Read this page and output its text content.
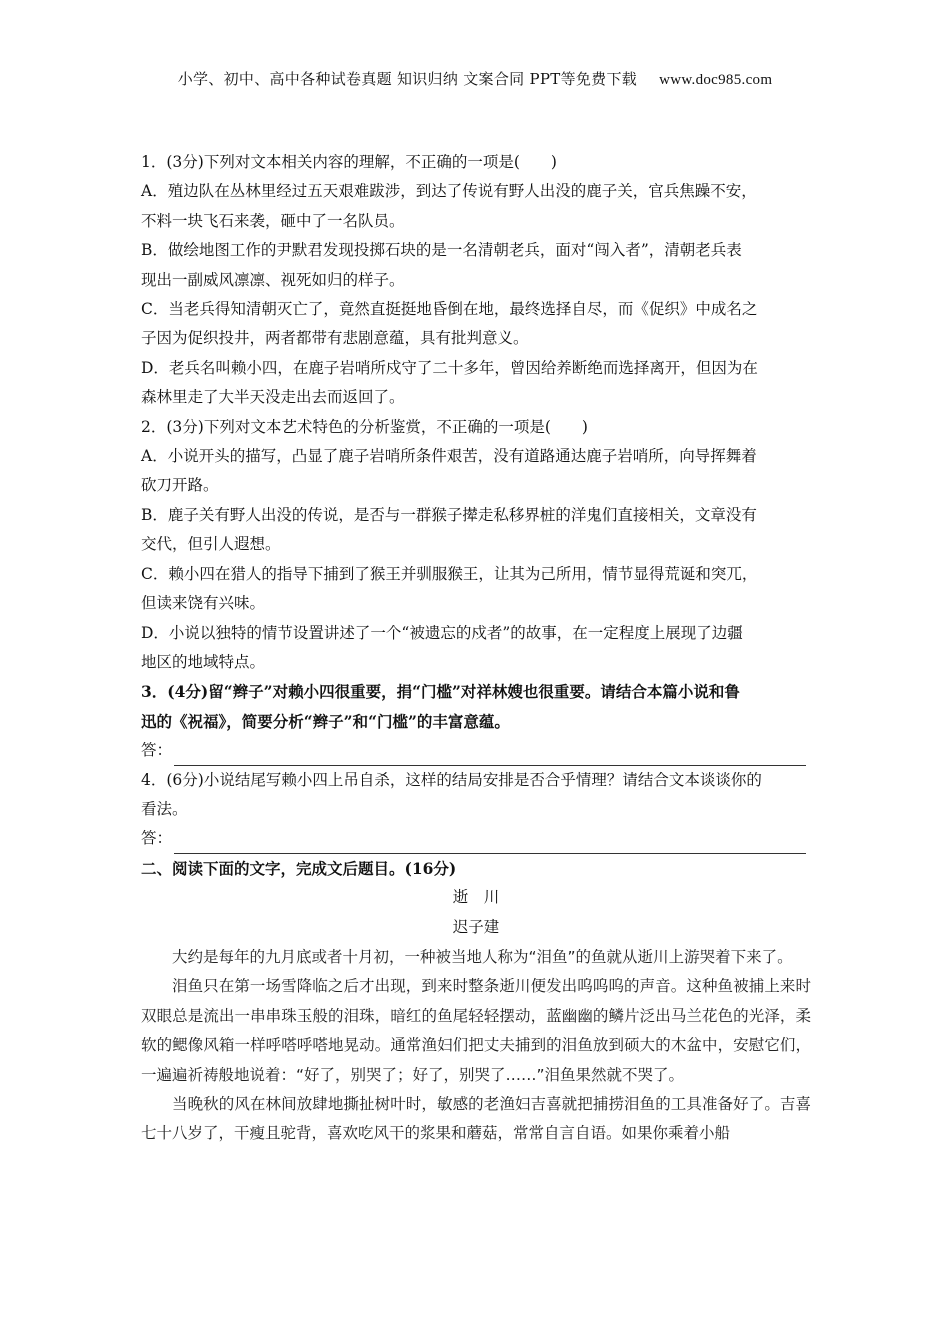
小学、初中、高中各种试卷真题 知识归纳 文案合同 PPT等免费下载 www.doc985.com

1．(3分)下列对文本相关内容的理解，不正确的一项是(　　)

A．殖边队在丛林里经过五天艰难跋涉，到达了传说有野人出没的鹿子关，官兵焦躁不安，

不料一块飞石来袭，砸中了一名队员。

B．做绘地图工作的尹默君发现投掷石块的是一名清朝老兵，面对“闯入者”，清朝老兵表

现出一副威风凛凛、视死如归的样子。

C．当老兵得知清朝灭亡了，竟然直挺挺地昏倒在地，最终选择自尽，而《促织》中成名之

子因为促织投井，两者都带有悲剧意蕴，具有批判意义。

D．老兵名叫赖小四，在鹿子岩哨所戍守了二十多年，曾因给养断绝而选择离开，但因为在

森林里走了大半天没走出去而返回了。

2．(3分)下列对文本艺术特色的分析鉴赏，不正确的一项是(　　)

A．小说开头的描写，凸显了鹿子岩哨所条件艰苦，没有道路通达鹿子岩哨所，向导挥舞着

砍刀开路。

B．鹿子关有野人出没的传说，是否与一群猴子撵走私移界桩的洋鬼们直接相关，文章没有

交代，但引人遐想。

C．赖小四在猎人的指导下捕到了猴王并驯服猴王，让其为己所用，情节显得荒诞和突兀，

但读来饶有兴味。

D．小说以独特的情节设置讲述了一个“被遗忘的戍者”的故事，在一定程度上展现了边疆

地区的地域特点。

3．(4分)留“辫子”对赖小四很重要，捐“门槛”对祥林嫂也很重要。请结合本篇小说和鲁

迅的《祝福》，简要分析“辫子”和“门槛”的丰富意蕴。

答：

4．(6分)小说结尾写赖小四上吊自杀，这样的结局安排是否合乎情理？请结合文本谈谈你的

看法。

答：

二、阅读下面的文字，完成文后题目。(16分)

逝　川

迟子建

大约是每年的九月底或者十月初，一种被当地人称为“泪鱼”的鱼就从逝川上游哭着下来了。

泪鱼只在第一场雪降临之后才出现，到来时整条逝川便发出呜呜呜的声音。这种鱼被捕上来时双眼总是流出一串串珠玉般的泪珠，暗红的鱼尾轻轻摆动，蓝幽幽的鳞片泛出马兰花色的光泽，柔软的鳃像风箱一样呼嗒呼嗒地晃动。通常渔妇们把丈夫捕到的泪鱼放到硕大的木盆中，安慰它们，一遍遍祈祷般地说着：“好了，别哭了；好了，别哭了……”泪鱼果然就不哭了。

当晚秋的风在林间放肆地撕扯树叶时，敏感的老渔妇吉喜就把捕捞泪鱼的工具准备好了。吉喜七十八岁了，干瘦且驼背，喜欢吃风干的浆果和蘑菇，常常自言自语。如果你乘着小船
